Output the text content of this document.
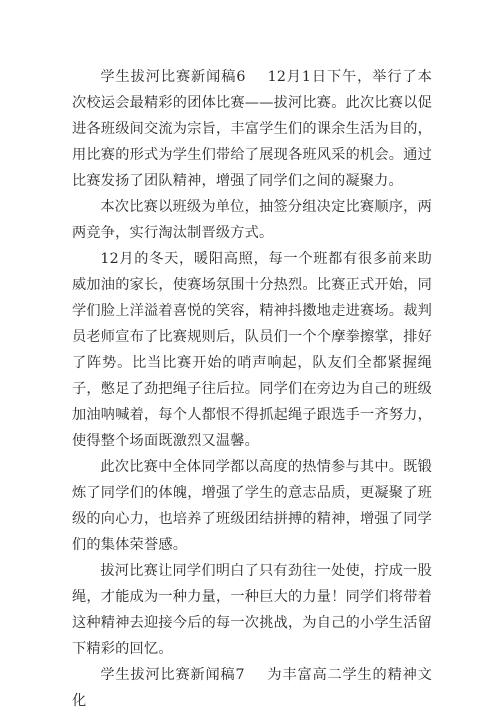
学生拔河比赛新闻稿6 12月1日下午，举行了本次校运会最精彩的团体比赛——拔河比赛。此次比赛以促进各班级间交流为宗旨，丰富学生们的课余生活为目的，用比赛的形式为学生们带给了展现各班风采的机会。通过比赛发扬了团队精神，增强了同学们之间的凝聚力。

本次比赛以班级为单位，抽签分组决定比赛顺序，两两竞争，实行淘汰制晋级方式。

12月的冬天，暖阳高照，每一个班都有很多前来助威加油的家长，使赛场氛围十分热烈。比赛正式开始，同学们脸上洋溢着喜悦的笑容，精神抖擞地走进赛场。裁判员老师宣布了比赛规则后，队员们一个个摩拳擦掌，排好了阵势。比当比赛开始的哨声响起，队友们全都紧握绳子，憋足了劲把绳子往后拉。同学们在旁边为自己的班级加油呐喊着，每个人都恨不得抓起绳子跟选手一齐努力，使得整个场面既激烈又温馨。

此次比赛中全体同学都以高度的热情参与其中。既锻炼了同学们的体魄，增强了学生的意志品质，更凝聚了班级的向心力，也培养了班级团结拼搏的精神，增强了同学们的集体荣誉感。

拔河比赛让同学们明白了只有劲往一处使，拧成一股绳，才能成为一种力量，一种巨大的力量！同学们将带着这种精神去迎接今后的每一次挑战，为自己的小学生活留下精彩的回忆。

学生拔河比赛新闻稿7 为丰富高二学生的精神文化
